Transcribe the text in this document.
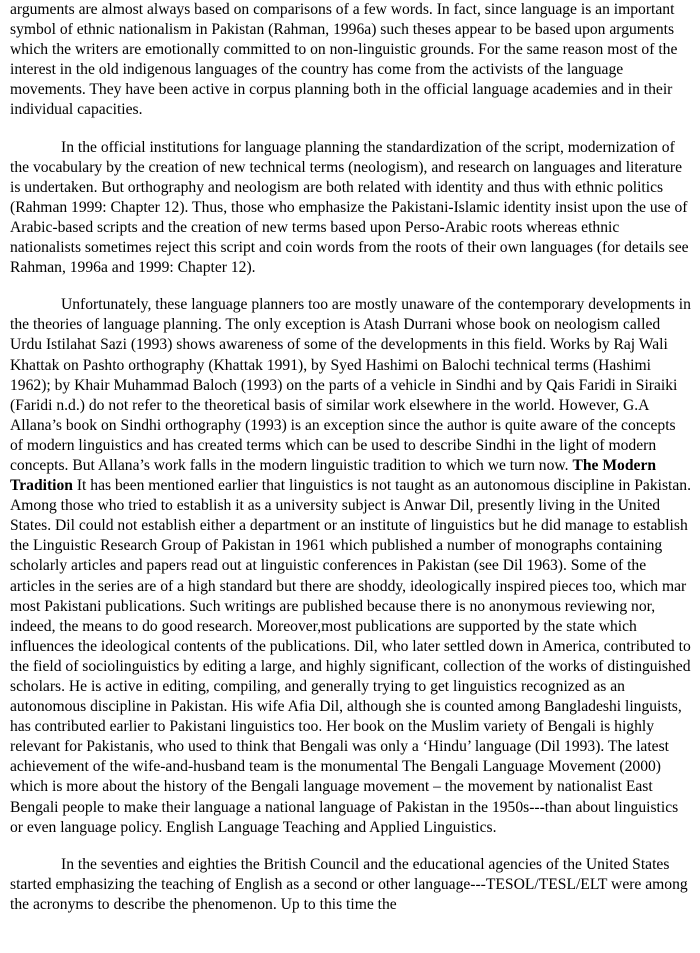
arguments are almost always based on comparisons of a few words. In fact, since language is an important symbol of ethnic nationalism in Pakistan (Rahman, 1996a) such theses appear to be based upon arguments which the writers are emotionally committed to on non-linguistic grounds. For the same reason most of the interest in the old indigenous languages of the country has come from the activists of the language movements. They have been active in corpus planning both in the official language academies and in their individual capacities.

In the official institutions for language planning the standardization of the script, modernization of the vocabulary by the creation of new technical terms (neologism), and research on languages and literature is undertaken. But orthography and neologism are both related with identity and thus with ethnic politics (Rahman 1999: Chapter 12). Thus, those who emphasize the Pakistani-Islamic identity insist upon the use of Arabic-based scripts and the creation of new terms based upon Perso-Arabic roots whereas ethnic nationalists sometimes reject this script and coin words from the roots of their own languages (for details see Rahman, 1996a and 1999: Chapter 12).

Unfortunately, these language planners too are mostly unaware of the contemporary developments in the theories of language planning. The only exception is Atash Durrani whose book on neologism called Urdu Istilahat Sazi (1993) shows awareness of some of the developments in this field. Works by Raj Wali Khattak on Pashto orthography (Khattak 1991), by Syed Hashimi on Balochi technical terms (Hashimi 1962); by Khair Muhammad Baloch (1993) on the parts of a vehicle in Sindhi and by Qais Faridi in Siraiki (Faridi n.d.) do not refer to the theoretical basis of similar work elsewhere in the world. However, G.A Allana’s book on Sindhi orthography (1993) is an exception since the author is quite aware of the concepts of modern linguistics and has created terms which can be used to describe Sindhi in the light of modern concepts. But Allana’s work falls in the modern linguistic tradition to which we turn now. The Modern Tradition It has been mentioned earlier that linguistics is not taught as an autonomous discipline in Pakistan. Among those who tried to establish it as a university subject is Anwar Dil, presently living in the United States. Dil could not establish either a department or an institute of linguistics but he did manage to establish the Linguistic Research Group of Pakistan in 1961 which published a number of monographs containing scholarly articles and papers read out at linguistic conferences in Pakistan (see Dil 1963). Some of the articles in the series are of a high standard but there are shoddy, ideologically inspired pieces too, which mar most Pakistani publications. Such writings are published because there is no anonymous reviewing nor, indeed, the means to do good research. Moreover,most publications are supported by the state which influences the ideological contents of the publications. Dil, who later settled down in America, contributed to the field of sociolinguistics by editing a large, and highly significant, collection of the works of distinguished scholars. He is active in editing, compiling, and generally trying to get linguistics recognized as an autonomous discipline in Pakistan. His wife Afia Dil, although she is counted among Bangladeshi linguists, has contributed earlier to Pakistani linguistics too. Her book on the Muslim variety of Bengali is highly relevant for Pakistanis, who used to think that Bengali was only a ‘Hindu’ language (Dil 1993). The latest achievement of the wife-and-husband team is the monumental The Bengali Language Movement (2000) which is more about the history of the Bengali language movement – the movement by nationalist East Bengali people to make their language a national language of Pakistan in the 1950s---than about linguistics or even language policy. English Language Teaching and Applied Linguistics.

In the seventies and eighties the British Council and the educational agencies of the United States started emphasizing the teaching of English as a second or other language---TESOL/TESL/ELT were among the acronyms to describe the phenomenon. Up to this time the
